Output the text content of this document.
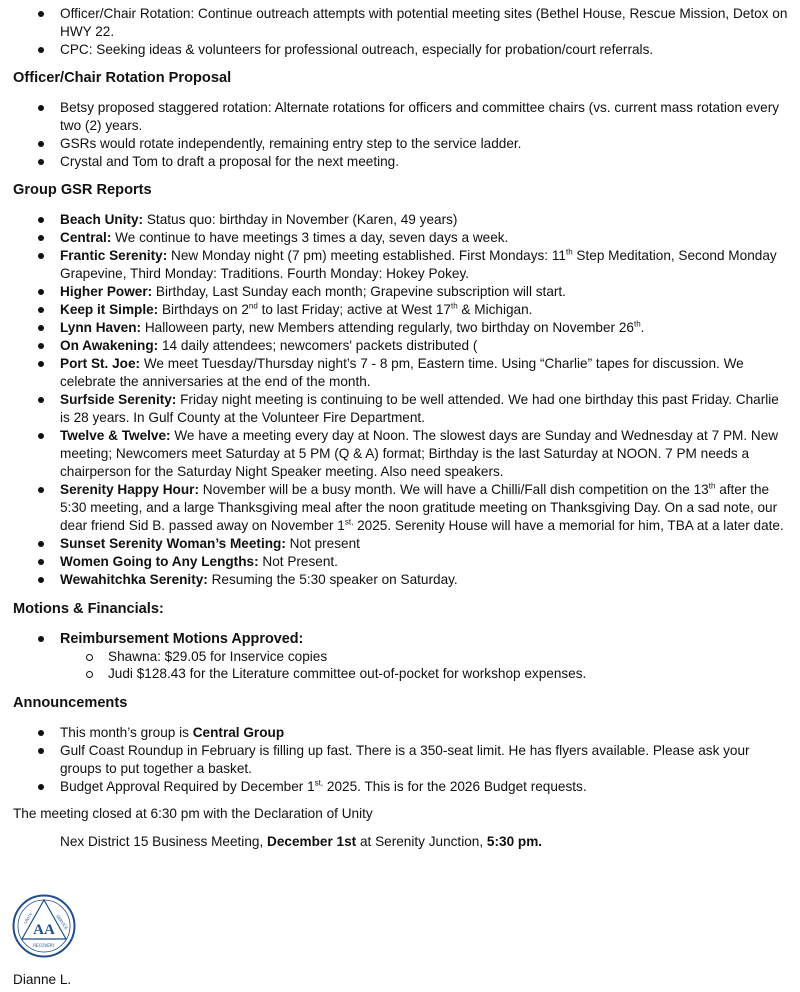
Officer/Chair Rotation: Continue outreach attempts with potential meeting sites (Bethel House, Rescue Mission, Detox on HWY 22.
CPC: Seeking ideas & volunteers for professional outreach, especially for probation/court referrals.
Officer/Chair Rotation Proposal
Betsy proposed staggered rotation: Alternate rotations for officers and committee chairs (vs. current mass rotation every two (2) years.
GSRs would rotate independently, remaining entry step to the service ladder.
Crystal and Tom to draft a proposal for the next meeting.
Group GSR Reports
Beach Unity: Status quo: birthday in November (Karen, 49 years)
Central: We continue to have meetings 3 times a day, seven days a week.
Frantic Serenity: New Monday night (7 pm) meeting established. First Mondays: 11th Step Meditation, Second Monday Grapevine, Third Monday: Traditions. Fourth Monday: Hokey Pokey.
Higher Power: Birthday, Last Sunday each month; Grapevine subscription will start.
Keep it Simple: Birthdays on 2nd to last Friday; active at West 17th & Michigan.
Lynn Haven: Halloween party, new Members attending regularly, two birthday on November 26th.
On Awakening: 14 daily attendees; newcomers' packets distributed (
Port St. Joe: We meet Tuesday/Thursday night’s 7 - 8 pm, Eastern time. Using “Charlie” tapes for discussion. We celebrate the anniversaries at the end of the month.
Surfside Serenity: Friday night meeting is continuing to be well attended. We had one birthday this past Friday. Charlie is 28 years. In Gulf County at the Volunteer Fire Department.
Twelve & Twelve: We have a meeting every day at Noon. The slowest days are Sunday and Wednesday at 7 PM. New meeting; Newcomers meet Saturday at 5 PM (Q & A) format; Birthday is the last Saturday at NOON. 7 PM needs a chairperson for the Saturday Night Speaker meeting. Also need speakers.
Serenity Happy Hour: November will be a busy month. We will have a Chilli/Fall dish competition on the 13th after the 5:30 meeting, and a large Thanksgiving meal after the noon gratitude meeting on Thanksgiving Day. On a sad note, our dear friend Sid B. passed away on November $1^{st,}$ 2025. Serenity House will have a memorial for him, TBA at a later date.
Sunset Serenity Woman’s Meeting: Not present
Women Going to Any Lengths: Not Present.
Wewahitchka Serenity: Resuming the 5:30 speaker on Saturday.
Motions & Financials:
Reimbursement Motions Approved:
Shawna: $29.05 for Inservice copies
Judi $128.43 for the Literature committee out-of-pocket for workshop expenses.
Announcements
This month’s group is Central Group
Gulf Coast Roundup in February is filling up fast. There is a 350-seat limit. He has flyers available. Please ask your groups to put together a basket.
Budget Approval Required by December $1^{st,}$ 2025. This is for the 2026 Budget requests.

The meeting closed at 6:30 pm with the Declaration of Unity

Nex District 15 Business Meeting, December 1st at Serenity Junction, 5:30 pm.

AA
UNITY	SERVICE
RECOVERY

Dianne L.
